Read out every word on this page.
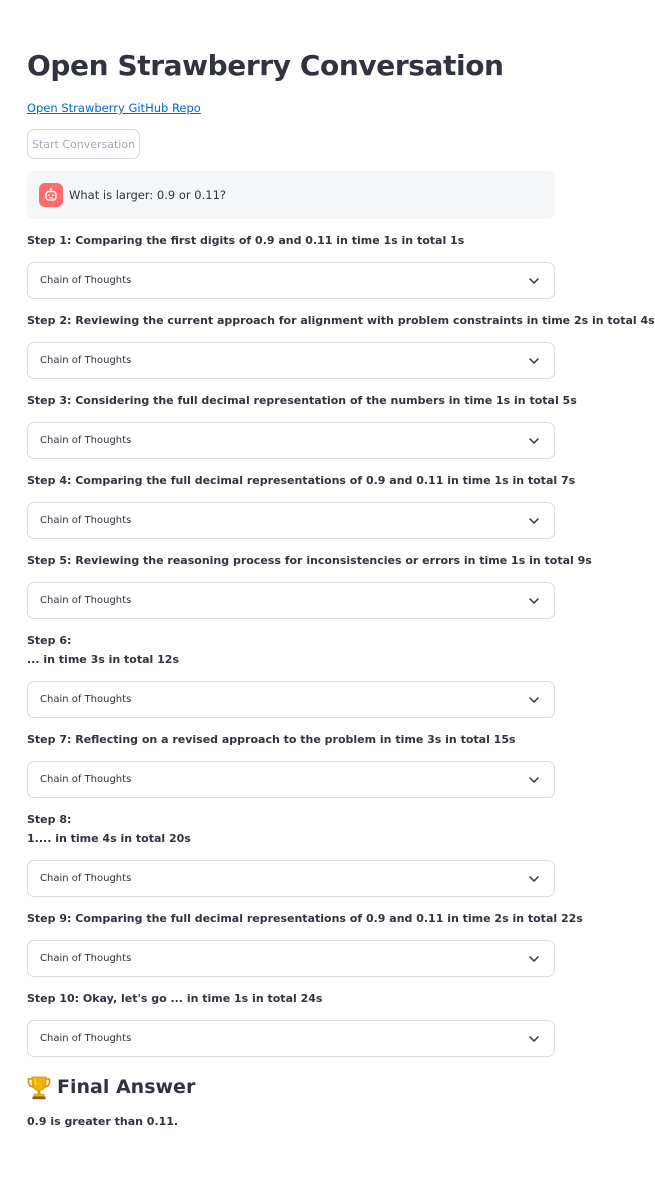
Open Strawberry Conversation
Open Strawberry GitHub Repo
Start Conversation
What is larger: 0.9 or 0.11?
Step 1: Comparing the first digits of 0.9 and 0.11 in time 1s in total 1s
Chain of Thoughts
Step 2: Reviewing the current approach for alignment with problem constraints in time 2s in total 4s
Chain of Thoughts
Step 3: Considering the full decimal representation of the numbers in time 1s in total 5s
Chain of Thoughts
Step 4: Comparing the full decimal representations of 0.9 and 0.11 in time 1s in total 7s
Chain of Thoughts
Step 5: Reviewing the reasoning process for inconsistencies or errors in time 1s in total 9s
Chain of Thoughts
Step 6:
... in time 3s in total 12s
Chain of Thoughts
Step 7: Reflecting on a revised approach to the problem in time 3s in total 15s
Chain of Thoughts
Step 8:
1.... in time 4s in total 20s
Chain of Thoughts
Step 9: Comparing the full decimal representations of 0.9 and 0.11 in time 2s in total 22s
Chain of Thoughts
Step 10: Okay, let's go ... in time 1s in total 24s
Chain of Thoughts
Final Answer
0.9 is greater than 0.11.
